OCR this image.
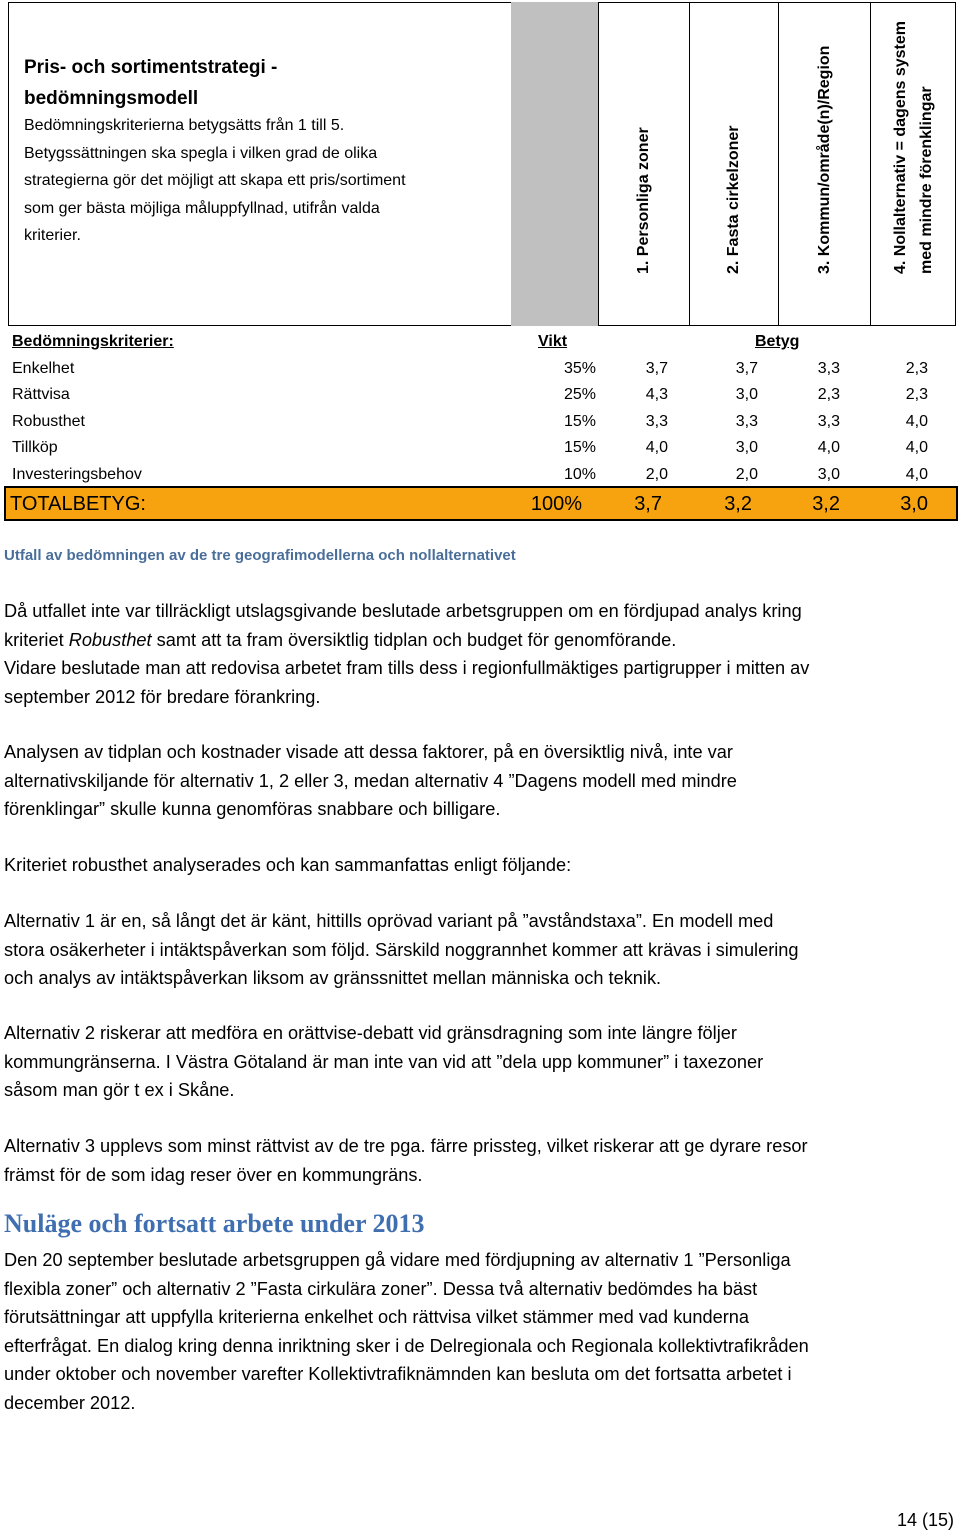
Pris- och sortimentstrategi -
bedömningsmodell
Bedömningskriterierna betygsätts från 1 till 5.
Betygssättningen ska spegla i vilken grad de olika
strategierna gör det möjligt att skapa ett pris/sortiment
som ger bästa möjliga måluppfyllnad, utifrån valda
kriterier.	1. Personliga zoner	2. Fasta cirkelzoner	3. Kommun/område(n)/Region	4. Nollalternativ = dagens system med mindre förenklingar
Bedömningskriterier:	Vikt	Betyg
Enkelhet	35%	3,7	3,7	3,3	2,3
Rättvisa	25%	4,3	3,0	2,3	2,3
Robusthet	15%	3,3	3,3	3,3	4,0
Tillköp	15%	4,0	3,0	4,0	4,0
Investeringsbehov	10%	2,0	2,0	3,0	4,0
TOTALBETYG:	100%	3,7	3,2	3,2	3,0
Utfall av bedömningen av de tre geografimodellerna och nollalternativet
Då utfallet inte var tillräckligt utslagsgivande beslutade arbetsgruppen om en fördjupad analys kring
kriteriet Robusthet samt att ta fram översiktlig tidplan och budget för genomförande.
Vidare beslutade man att redovisa arbetet fram tills dess i regionfullmäktiges partigrupper i mitten av
september 2012 för bredare förankring.
Analysen av tidplan och kostnader visade att dessa faktorer, på en översiktlig nivå, inte var
alternativskiljande för alternativ 1, 2 eller 3, medan alternativ 4 ”Dagens modell med mindre
förenklingar” skulle kunna genomföras snabbare och billigare.
Kriteriet robusthet analyserades och kan sammanfattas enligt följande:
Alternativ 1 är en, så långt det är känt, hittills oprövad variant på ”avståndstaxa”. En modell med
stora osäkerheter i intäktspåverkan som följd. Särskild noggrannhet kommer att krävas i simulering
och analys av intäktspåverkan liksom av gränssnittet mellan människa och teknik.
Alternativ 2 riskerar att medföra en orättvise-debatt vid gränsdragning som inte längre följer
kommungränserna. I Västra Götaland är man inte van vid att ”dela upp kommuner” i taxezoner
såsom man gör t ex i Skåne.
Alternativ 3 upplevs som minst rättvist av de tre pga. färre prissteg, vilket riskerar att ge dyrare resor
främst för de som idag reser över en kommungräns.
Nuläge och fortsatt arbete under 2013
Den 20 september beslutade arbetsgruppen gå vidare med fördjupning av alternativ 1 ”Personliga
flexibla zoner” och alternativ 2 ”Fasta cirkulära zoner”. Dessa två alternativ bedömdes ha bäst
förutsättningar att uppfylla kriterierna enkelhet och rättvisa vilket stämmer med vad kunderna
efterfrågat. En dialog kring denna inriktning sker i de Delregionala och Regionala kollektivtrafikråden
under oktober och november varefter Kollektivtrafiknämnden kan besluta om det fortsatta arbetet i
december 2012.
14 (15)
